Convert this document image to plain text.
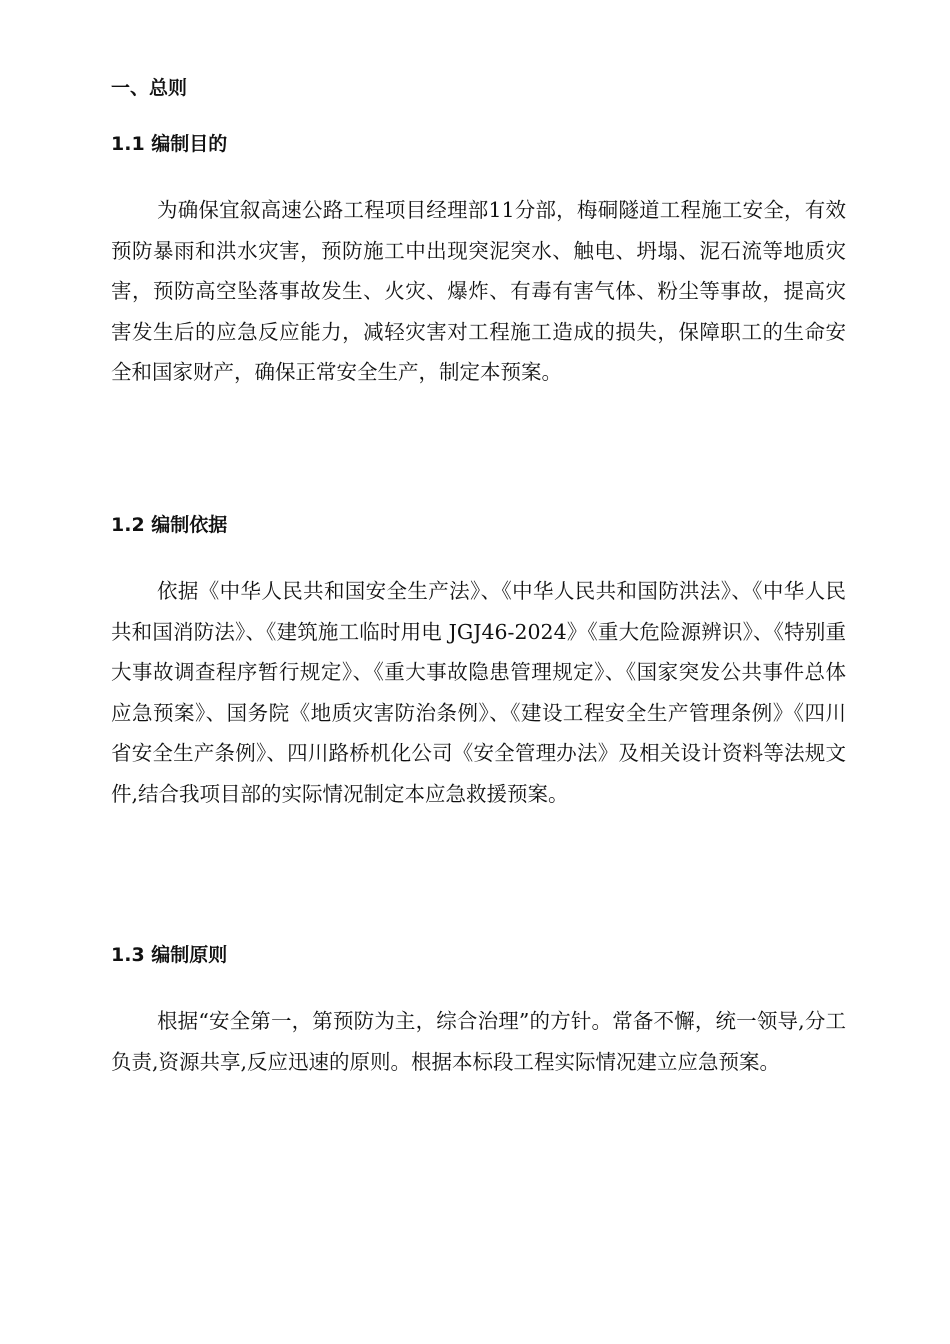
一、总则
1.1 编制目的

为确保宜叙高速公路工程项目经理部11分部，梅硐隧道工程施工安全，有效预防暴雨和洪水灾害，预防施工中出现突泥突水、触电、坍塌、泥石流等地质灾害，预防高空坠落事故发生、火灾、爆炸、有毒有害气体、粉尘等事故，提高灾害发生后的应急反应能力，减轻灾害对工程施工造成的损失，保障职工的生命安全和国家财产，确保正常安全生产，制定本预案。

1.2 编制依据

依据《中华人民共和国安全生产法》、《中华人民共和国防洪法》、《中华人民共和国消防法》、《建筑施工临时用电 JGJ46-2024》《重大危险源辨识》、《特别重大事故调查程序暂行规定》、《重大事故隐患管理规定》、《国家突发公共事件总体应急预案》、国务院《地质灾害防治条例》、《建设工程安全生产管理条例》《四川省安全生产条例》、四川路桥机化公司《安全管理办法》及相关设计资料等法规文件,结合我项目部的实际情况制定本应急救援预案。

1.3 编制原则

根据“安全第一，第预防为主，综合治理”的方针。常备不懈，统一领导,分工负责,资源共享,反应迅速的原则。根据本标段工程实际情况建立应急预案。
